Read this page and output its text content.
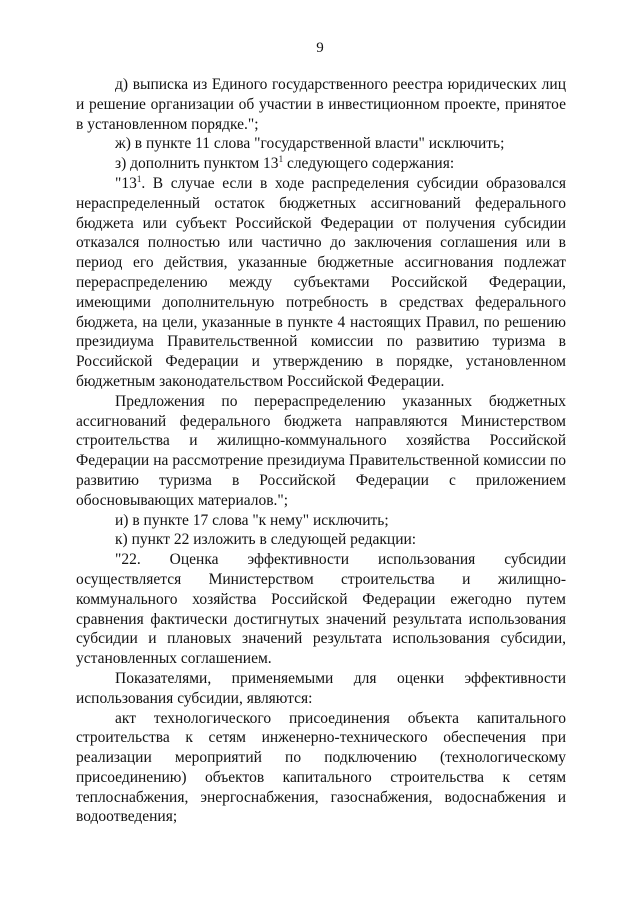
9

д) выписка из Единого государственного реестра юридических лиц и решение организации об участии в инвестиционном проекте, принятое в установленном порядке.";

ж) в пункте 11 слова "государственной власти" исключить;

з) дополнить пунктом $13^1$ следующего содержания:

"$13^1$. В случае если в ходе распределения субсидии образовался нераспределенный остаток бюджетных ассигнований федерального бюджета или субъект Российской Федерации от получения субсидии отказался полностью или частично до заключения соглашения или в период его действия, указанные бюджетные ассигнования подлежат перераспределению между субъектами Российской Федерации, имеющими дополнительную потребность в средствах федерального бюджета, на цели, указанные в пункте 4 настоящих Правил, по решению президиума Правительственной комиссии по развитию туризма в Российской Федерации и утверждению в порядке, установленном бюджетным законодательством Российской Федерации.

Предложения по перераспределению указанных бюджетных ассигнований федерального бюджета направляются Министерством строительства и жилищно-коммунального хозяйства Российской Федерации на рассмотрение президиума Правительственной комиссии по развитию туризма в Российской Федерации с приложением обосновывающих материалов.";

и) в пункте 17 слова "к нему" исключить;

к) пункт 22 изложить в следующей редакции:

"22. Оценка эффективности использования субсидии осуществляется Министерством строительства и жилищно-коммунального хозяйства Российской Федерации ежегодно путем сравнения фактически достигнутых значений результата использования субсидии и плановых значений результата использования субсидии, установленных соглашением.

Показателями, применяемыми для оценки эффективности использования субсидии, являются:

акт технологического присоединения объекта капитального строительства к сетям инженерно-технического обеспечения при реализации мероприятий по подключению (технологическому присоединению) объектов капитального строительства к сетям теплоснабжения, энергоснабжения, газоснабжения, водоснабжения и водоотведения;
